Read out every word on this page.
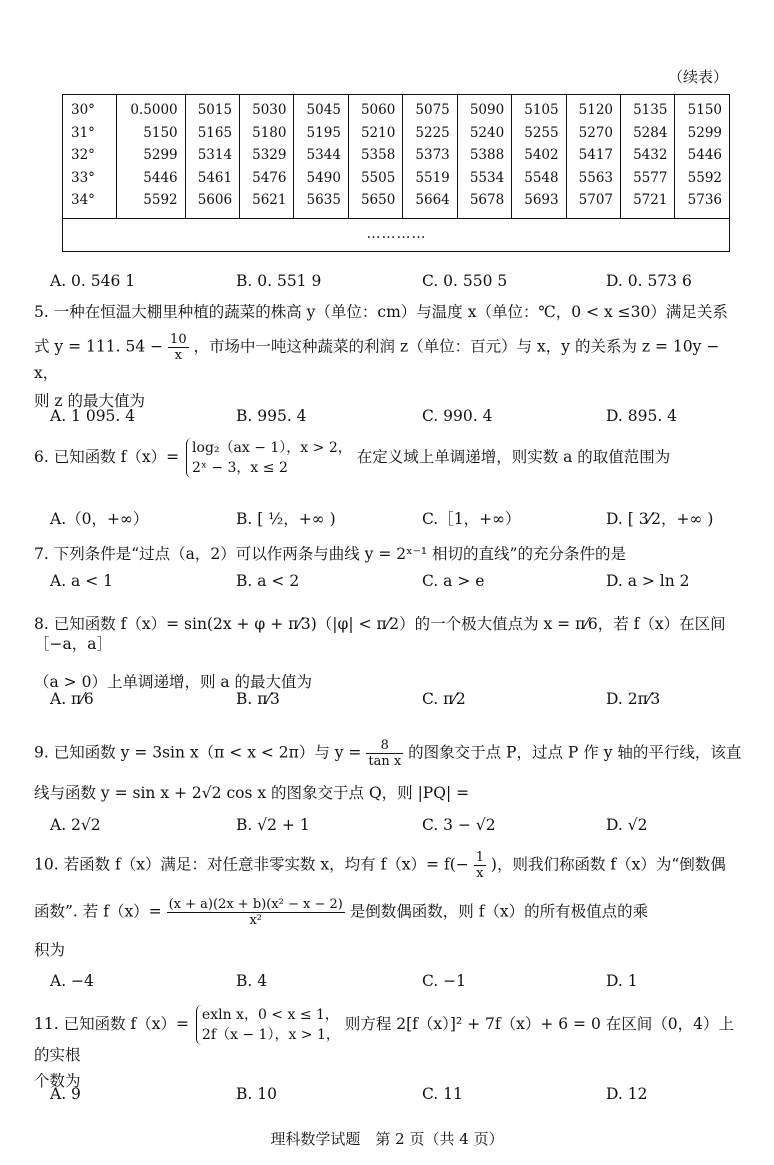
（续表）
30°	0.5000	5015	5030	5045	5060	5075	5090	5105	5120	5135	5150
31°	5150	5165	5180	5195	5210	5225	5240	5255	5270	5284	5299
32°	5299	5314	5329	5344	5358	5373	5388	5402	5417	5432	5446
33°	5446	5461	5476	5490	5505	5519	5534	5548	5563	5577	5592
34°	5592	5606	5621	5635	5650	5664	5678	5693	5707	5721	5736
…………											
A. 0. 546 1	B. 0. 551 9	C. 0. 550 5	D. 0. 573 6
5. 一种在恒温大棚里种植的蔬菜的株高 y（单位：cm）与温度 x（单位：℃，0 < x ≤30）满足关系
式 y = 111. $54 - \frac{10}{x}$ ，市场中一吨这种蔬菜的利润 z（单位：百元）与 x，y 的关系为 z = 10y − x，
则 z 的最大值为
A. 1 095. 4	B. 995. 4	C. 990. 4	D. 895. 4
6. 已知函数 f（x）= log₂（ax − 1），x > 2，
2ˣ − 3，x ≤ 2
在定义域上单调递增，则实数 a 的取值范围为
A.（0，+∞）	B. [ ½，+∞ )	C.［1，+∞）	D. [ 3⁄2，+∞ )
7. 下列条件是“过点（a，2）可以作两条与曲线 y = 2ˣ⁻¹ 相切的直线”的充分条件的是
A. a < 1	B. a < 2	C. a > e	D. a > ln 2
8. 已知函数 f（x）= sin(2x + φ + π⁄3)（|φ| < π⁄2）的一个极大值点为 x = π⁄6，若 f（x）在区间［−a，a］
（a > 0）上单调递增，则 a 的最大值为
A. π⁄6	B. π⁄3	C. π⁄2	D. 2π⁄3
9. 已知函数 y = 3sin x（π < x < 2π）与 $y = \frac{8}{\text{tan x}}$ 的图象交于点 P，过点 P 作 y 轴的平行线，该直
线与函数 y = sin x + 2√2 cos x 的图象交于点 Q，则 |PQ| =
A. 2√2	B. √2 + 1	C. 3 − √2	D. √2
10. 若函数 f（x）满足：对任意非零实数 x，均有 $f(x)= f(- \frac{1}{x}$ )，则我们称函数 f（x）为“倒数偶
函数”. 若 $f(x)= \frac{\text{(x + a)(2x + b)(x² − x − 2)}}{\text{x²}}$ 是倒数偶函数，则 f（x）的所有极值点的乘
积为
A. −4	B. 4	C. −1	D. 1
11. 已知函数 f（x）= exln x，0 < x ≤ 1，
2f（x − 1），x > 1，
则方程 2[f（x）]² + 7f（x）+ 6 = 0 在区间（0，4）上的实根
个数为
A. 9	B. 10	C. 11	D. 12
理科数学试题　第 2 页（共 4 页）
